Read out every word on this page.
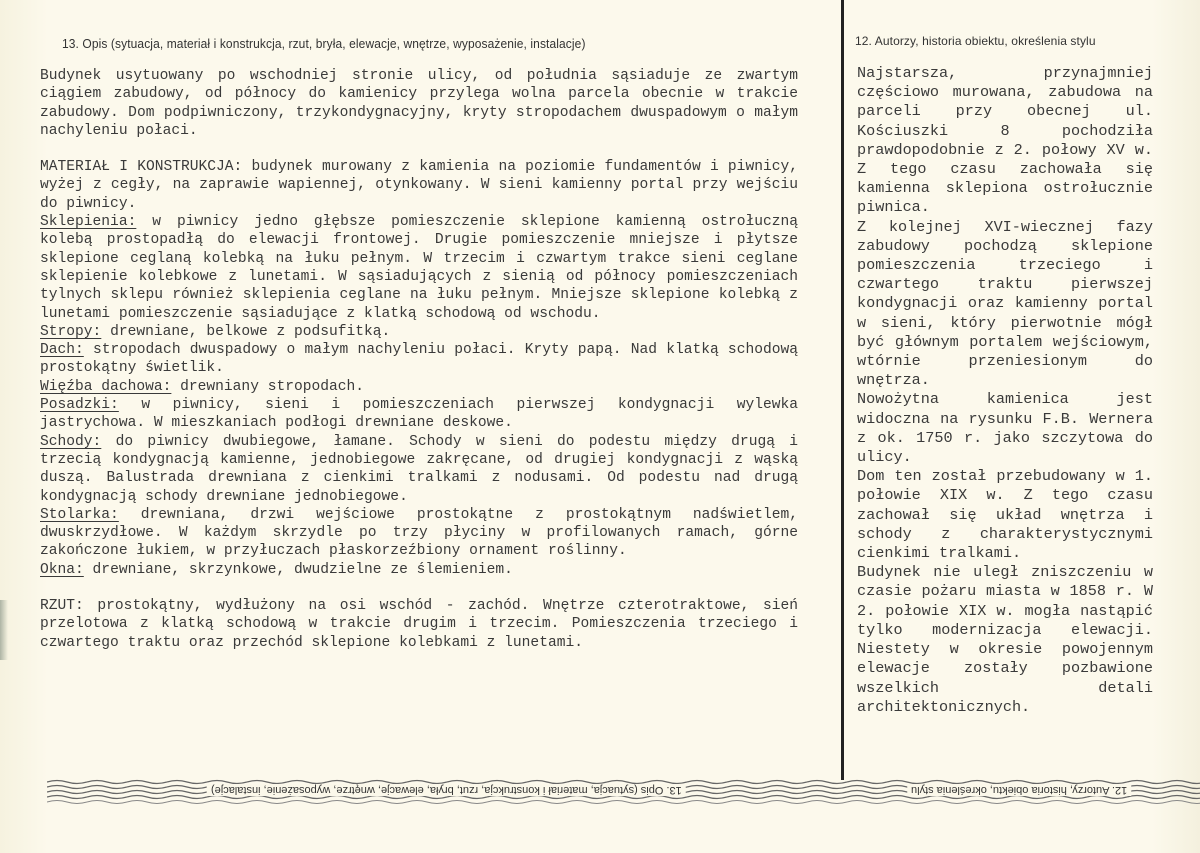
13. Opis (sytuacja, materiał i konstrukcja, rzut, bryła, elewacje, wnętrze, wyposażenie, instalacje)

Budynek usytuowany po wschodniej stronie ulicy, od południa sąsiaduje ze zwartym ciągiem zabudowy, od północy do kamienicy przylega wolna parcela obecnie w trakcie zabudowy. Dom podpiwniczony, trzykondygnacyjny, kryty stropodachem dwuspadowym o małym nachyleniu połaci.

MATERIAŁ I KONSTRUKCJA: budynek murowany z kamienia na poziomie fundamentów i piwnicy, wyżej z cegły, na zaprawie wapiennej, otynkowany. W sieni kamienny portal przy wejściu do piwnicy.

Sklepienia: w piwnicy jedno głębsze pomieszczenie sklepione kamienną ostrołuczną kolebą prostopadłą do elewacji frontowej. Drugie pomieszczenie mniejsze i płytsze sklepione ceglaną kolebką na łuku pełnym. W trzecim i czwartym trakce sieni ceglane sklepienie kolebkowe z lunetami. W sąsiadujących z sienią od północy pomieszczeniach tylnych sklepu również sklepienia ceglane na łuku pełnym. Mniejsze sklepione kolebką z lunetami pomieszczenie sąsiadujące z klatką schodową od wschodu.

Stropy: drewniane, belkowe z podsufitką.

Dach: stropodach dwuspadowy o małym nachyleniu połaci. Kryty papą. Nad klatką schodową prostokątny świetlik.

Więźba dachowa: drewniany stropodach.

Posadzki: w piwnicy, sieni i pomieszczeniach pierwszej kondygnacji wylewka jastrychowa. W mieszkaniach podłogi drewniane deskowe.

Schody: do piwnicy dwubiegowe, łamane. Schody w sieni do podestu między drugą i trzecią kondygnacją kamienne, jednobiegowe zakręcane, od drugiej kondygnacji z wąską duszą. Balustrada drewniana z cienkimi tralkami z nodusami. Od podestu nad drugą kondygnacją schody drewniane jednobiegowe.

Stolarka: drewniana, drzwi wejściowe prostokątne z prostokątnym nadświetlem, dwuskrzydłowe. W każdym skrzydle po trzy płyciny w profilowanych ramach, górne zakończone łukiem, w przyłuczach płaskorzeźbiony ornament roślinny.

Okna: drewniane, skrzynkowe, dwudzielne ze ślemieniem.

RZUT: prostokątny, wydłużony na osi wschód - zachód. Wnętrze czterotraktowe, sień przelotowa z klatką schodową w trakcie drugim i trzecim. Pomieszczenia trzeciego i czwartego traktu oraz przechód sklepione kolebkami z lunetami.

12. Autorzy, historia obiektu, określenia stylu

Najstarsza, przynajmniej częściowo murowana, zabudowa na parceli przy obecnej ul. Kościuszki 8 pochodziła prawdopodobnie z 2. połowy XV w. Z tego czasu zachowała się kamienna sklepiona ostrołucznie piwnica.

Z kolejnej XVI-wiecznej fazy zabudowy pochodzą sklepione pomieszczenia trzeciego i czwartego traktu pierwszej kondygnacji oraz kamienny portal w sieni, który pierwotnie mógł być głównym portalem wejściowym, wtórnie przeniesionym do wnętrza.

Nowożytna kamienica jest widoczna na rysunku F.B. Wernera z ok. 1750 r. jako szczytowa do ulicy.

Dom ten został przebudowany w 1. połowie XIX w. Z tego czasu zachował się układ wnętrza i schody z charakterystycznymi cienkimi tralkami.

Budynek nie uległ zniszczeniu w czasie pożaru miasta w 1858 r. W 2. połowie XIX w. mogła nastąpić tylko modernizacja elewacji. Niestety w okresie powojennym elewacje zostały pozbawione wszelkich detali architektonicznych.

13. Opis (sytuacja, materiał i konstrukcja, rzut, bryła, elewacje, wnętrze, wyposażenie, instalacje)	12. Autorzy, historia obiektu, określenia stylu
